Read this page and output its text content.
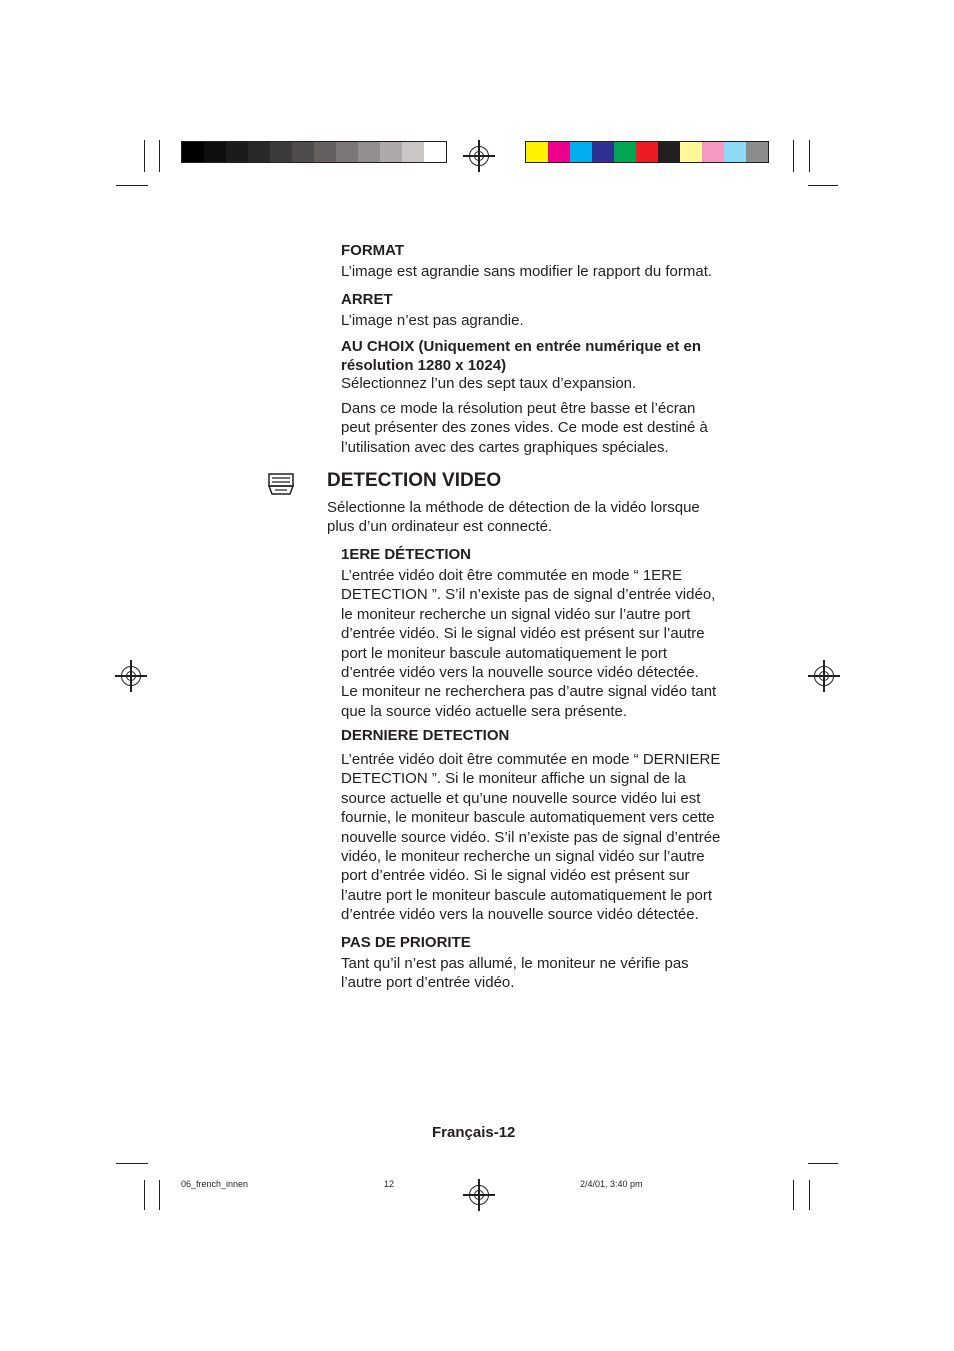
FORMAT
L’image est agrandie sans modifier le rapport du format.
ARRET
L’image n’est pas agrandie.
AU CHOIX (Uniquement en entrée numérique et en
résolution 1280 x 1024)
Sélectionnez l’un des sept taux d’expansion.
Dans ce mode la résolution peut être basse et l’écran
peut présenter des zones vides. Ce mode est destiné à
l’utilisation avec des cartes graphiques spéciales.
DETECTION VIDEO
Sélectionne la méthode de détection de la vidéo lorsque
plus d’un ordinateur est connecté.
1ERE DÉTECTION
L’entrée vidéo doit être commutée en mode “ 1ERE
DETECTION ”. S’il n’existe pas de signal d’entrée vidéo,
le moniteur recherche un signal vidéo sur l’autre port
d’entrée vidéo. Si le signal vidéo est présent sur l’autre
port le moniteur bascule automatiquement le port
d’entrée vidéo vers la nouvelle source vidéo détectée.
Le moniteur ne recherchera pas d’autre signal vidéo tant
que la source vidéo actuelle sera présente.
DERNIERE DETECTION
L’entrée vidéo doit être commutée en mode “ DERNIERE
DETECTION ”. Si le moniteur affiche un signal de la
source actuelle et qu’une nouvelle source vidéo lui est
fournie, le moniteur bascule automatiquement vers cette
nouvelle source vidéo. S’il n’existe pas de signal d’entrée
vidéo, le moniteur recherche un signal vidéo sur l’autre
port d’entrée vidéo. Si le signal vidéo est présent sur
l’autre port le moniteur bascule automatiquement le port
d’entrée vidéo vers la nouvelle source vidéo détectée.
PAS DE PRIORITE
Tant qu’il n’est pas allumé, le moniteur ne vérifie pas
l’autre port d’entrée vidéo.
Français-12
06_french_innen	12	2/4/01, 3:40 pm
